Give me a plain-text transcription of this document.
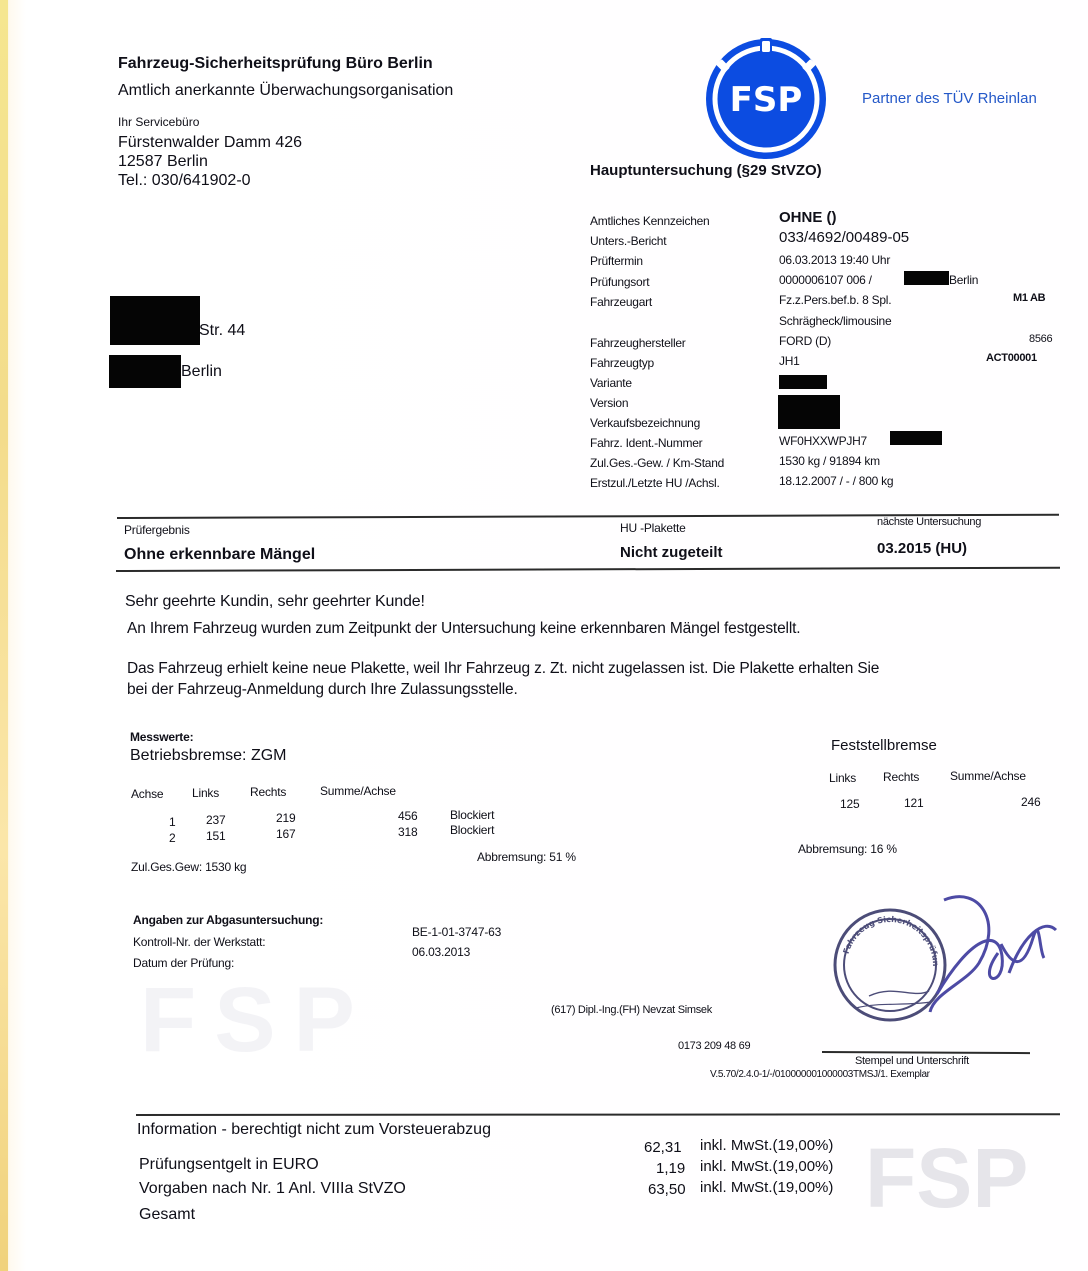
FSP
Fahrzeug-Sicherheitsprüfung Büro Berlin
Amtlich anerkannte Überwachungsorganisation
Ihr Servicebüro
Fürstenwalder Damm 426
12587 Berlin
Tel.: 030/641902-0
FSP	Partner des TÜV Rheinlan
Str. 44
Berlin
Hauptuntersuchung (§29 StVZO)
Amtliches Kennzeichen	OHNE ()
Unters.-Bericht	033/4692/00489-05
Prüftermin	06.03.2013 19:40 Uhr
Prüfungsort	0000006107 006 /	Berlin
Fahrzeugart	Fz.z.Pers.bef.b. 8 Spl.	M1 AB
Schrägheck/limousine
Fahrzeughersteller	FORD (D)	8566
Fahrzeugtyp	JH1	ACT00001
Variante
Version
Verkaufsbezeichnung
Fahrz. Ident.-Nummer	WF0HXXWPJH7
Zul.Ges.-Gew. / Km-Stand	1530 kg / 91894 km
Erstzul./Letzte HU /Achsl.	18.12.2007 / - / 800 kg
Prüfergebnis
Ohne erkennbare Mängel
HU -Plakette
Nicht zugeteilt
nächste Untersuchung
03.2015 (HU)
Sehr geehrte Kundin, sehr geehrter Kunde!
An Ihrem Fahrzeug wurden zum Zeitpunkt der Untersuchung keine erkennbaren Mängel festgestellt.
Das Fahrzeug erhielt keine neue Plakette, weil Ihr Fahrzeug z. Zt. nicht zugelassen ist. Die Plakette erhalten Sie
bei der Fahrzeug-Anmeldung durch Ihre Zulassungsstelle.
Messwerte:
Betriebsbremse: ZGM
Achse Links	Rechts	Summe/Achse
1	237	219	456	Blockiert
2	151	167	318	Blockiert
Zul.Ges.Gew: 1530 kg
Abbremsung: 51 %
Feststellbremse
Links Rechts	Summe/Achse
125	121	246
Abbremsung: 16 %
Angaben zur Abgasuntersuchung:
Kontroll-Nr. der Werkstatt:
BE-1-01-3747-63
Datum der Prüfung:
06.03.2013	Fahrzeug Sicherheitsprüfun
(617) Dipl.-Ing.(FH) Nevzat Simsek
0173 209 48 69
Stempel und Unterschrift
V.5.70/2.4.0-1/-/010000001000003TMSJ/1. Exemplar
Information - berechtigt nicht zum Vorsteuerabzug
Prüfungsentgelt in EURO
62,31 inkl. MwSt.(19,00%)
Vorgaben nach Nr. 1 Anl. VIIIa StVZO
1,19 inkl. MwSt.(19,00%)
Gesamt
63,50 inkl. MwSt.(19,00%) FSP
